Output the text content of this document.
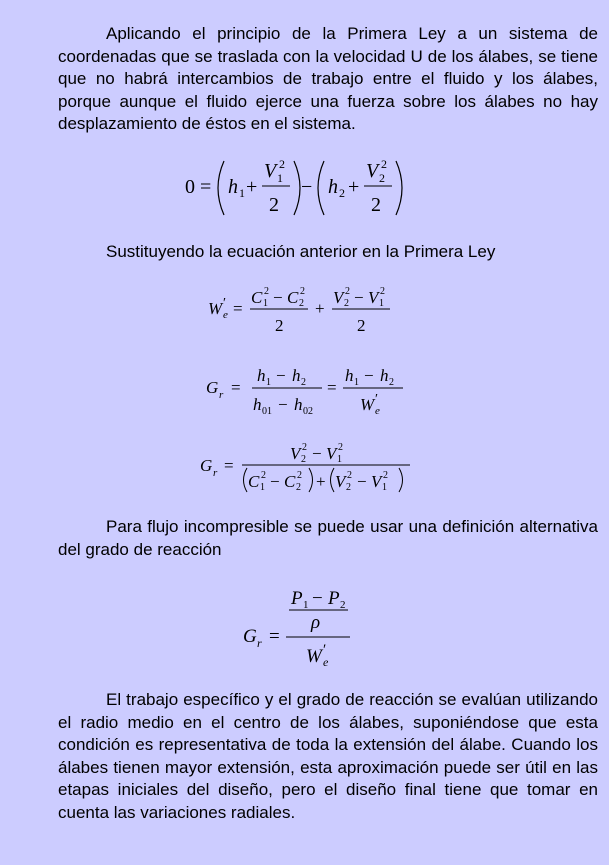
Aplicando el principio de la Primera Ley a un sistema de coordenadas que se traslada con la velocidad U de los álabes, se tiene que no habrá intercambios de trabajo entre el fluido y los álabes, porque aunque el fluido ejerce una fuerza sobre los álabes no hay desplazamiento de éstos en el sistema.

0 = h 1 +
V 1
2
2
− h 2 +
V 2
2
2

Sustituyendo la ecuación anterior en la Primera Ley

W ′
e =
C 1
2 − C 2
2
2
+
V 2
2 − V 1
2
2
G r =
h 1 − h 2
h 01 − h 02
=
h 1 − h 2
W ′
e
G r =
V 2
2 − V 1
2
C 1
2 − C 2
2 + V 2
2 − V 1
2

Para flujo incompresible se puede usar una definición alternativa del grado de reacción

G r =
P 1 − P 2
ρ
W ′
e

El trabajo específico y el grado de reacción se evalúan utilizando el radio medio en el centro de los álabes, suponiéndose que esta condición es representativa de toda la extensión del álabe. Cuando los álabes tienen mayor extensión, esta aproximación puede ser útil en las etapas iniciales del diseño, pero el diseño final tiene que tomar en cuenta las variaciones radiales.
